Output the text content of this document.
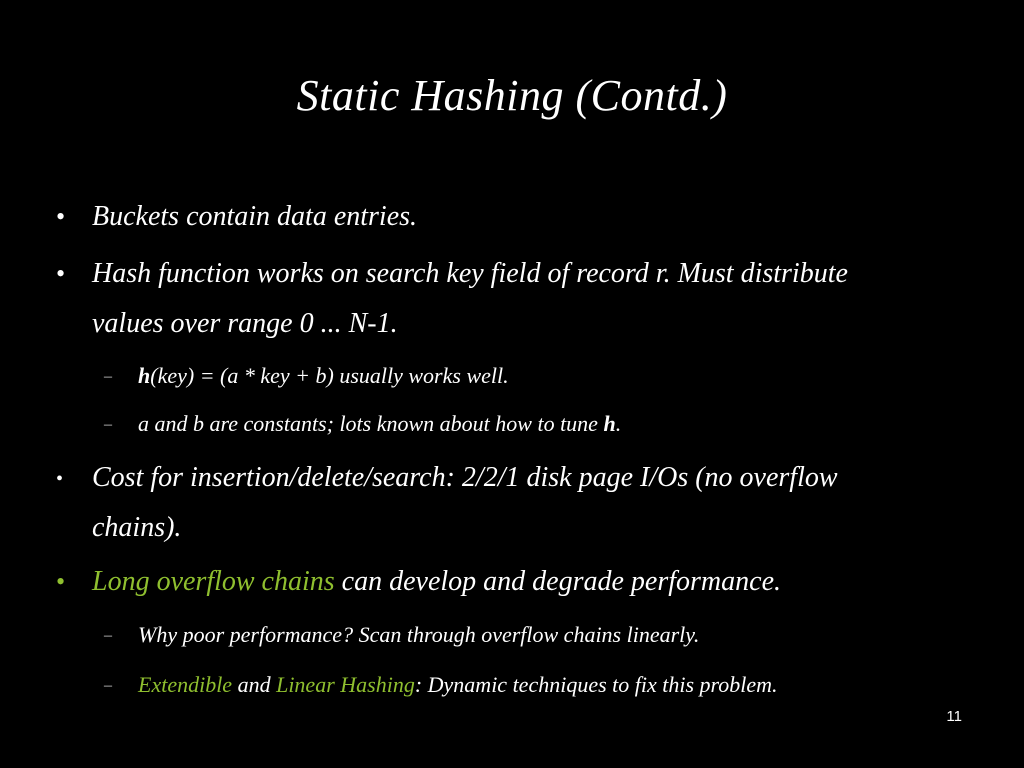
Static Hashing (Contd.)
• Buckets contain data entries.
• Hash function works on search key field of record r. Must distribute
values over range 0 ... N-1.
– h(key) = (a * key + b) usually works well.
– a and b are constants; lots known about how to tune h.
• Cost for insertion/delete/search: 2/2/1 disk page I/Os (no overflow
chains).
• Long overflow chains can develop and degrade performance.
– Why poor performance? Scan through overflow chains linearly.
– Extendible and Linear Hashing: Dynamic techniques to fix this problem.
11
